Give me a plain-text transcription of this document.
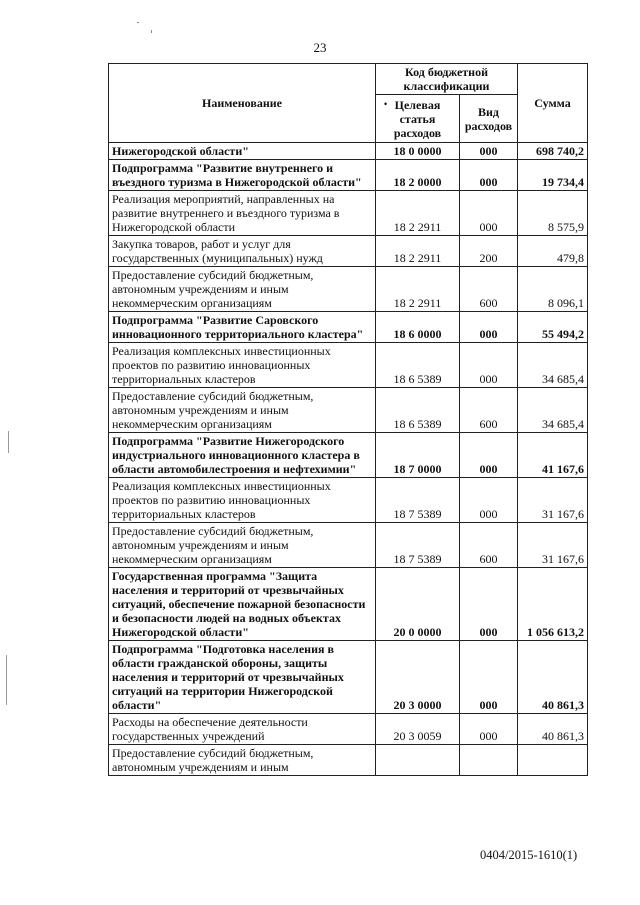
23
Наименование	Код бюджетной классификации		Сумма

	• Целевая статья расходов	Вид расходов	
Нижегородской области"	18 0 0000	000	698 740,2
Подпрограмма "Развитие внутреннего и въездного туризма в Нижегородской области"	18 2 0000	000	19 734,4
Реализация мероприятий, направленных на развитие внутреннего и въездного туризма в Нижегородской области	18 2 2911	000	8 575,9
Закупка товаров, работ и услуг для государственных (муниципальных) нужд	18 2 2911	200	479,8
Предоставление субсидий бюджетным, автономным учреждениям и иным некоммерческим организациям	18 2 2911	600	8 096,1
Подпрограмма "Развитие Саровского инновационного территориального кластера"	18 6 0000	000	55 494,2
Реализация комплексных инвестиционных проектов по развитию инновационных территориальных кластеров	18 6 5389	000	34 685,4
Предоставление субсидий бюджетным, автономным учреждениям и иным некоммерческим организациям	18 6 5389	600	34 685,4
Подпрограмма "Развитие Нижегородского индустриального инновационного кластера в области автомобилестроения и нефтехимии"	18 7 0000	000	41 167,6
Реализация комплексных инвестиционных проектов по развитию инновационных территориальных кластеров	18 7 5389	000	31 167,6
Предоставление субсидий бюджетным, автономным учреждениям и иным некоммерческим организациям	18 7 5389	600	31 167,6
Государственная программа "Защита населения и территорий от чрезвычайных ситуаций, обеспечение пожарной безопасности и безопасности людей на водных объектах Нижегородской области"	20 0 0000	000	1 056 613,2
Подпрограмма "Подготовка населения в области гражданской обороны, защиты населения и территорий от чрезвычайных ситуаций на территории Нижегородской области"	20 3 0000	000	40 861,3
Расходы на обеспечение деятельности государственных учреждений	20 3 0059	000	40 861,3
Предоставление субсидий бюджетным, автономным учреждениям и иным			
0404/2015-1610(1)
